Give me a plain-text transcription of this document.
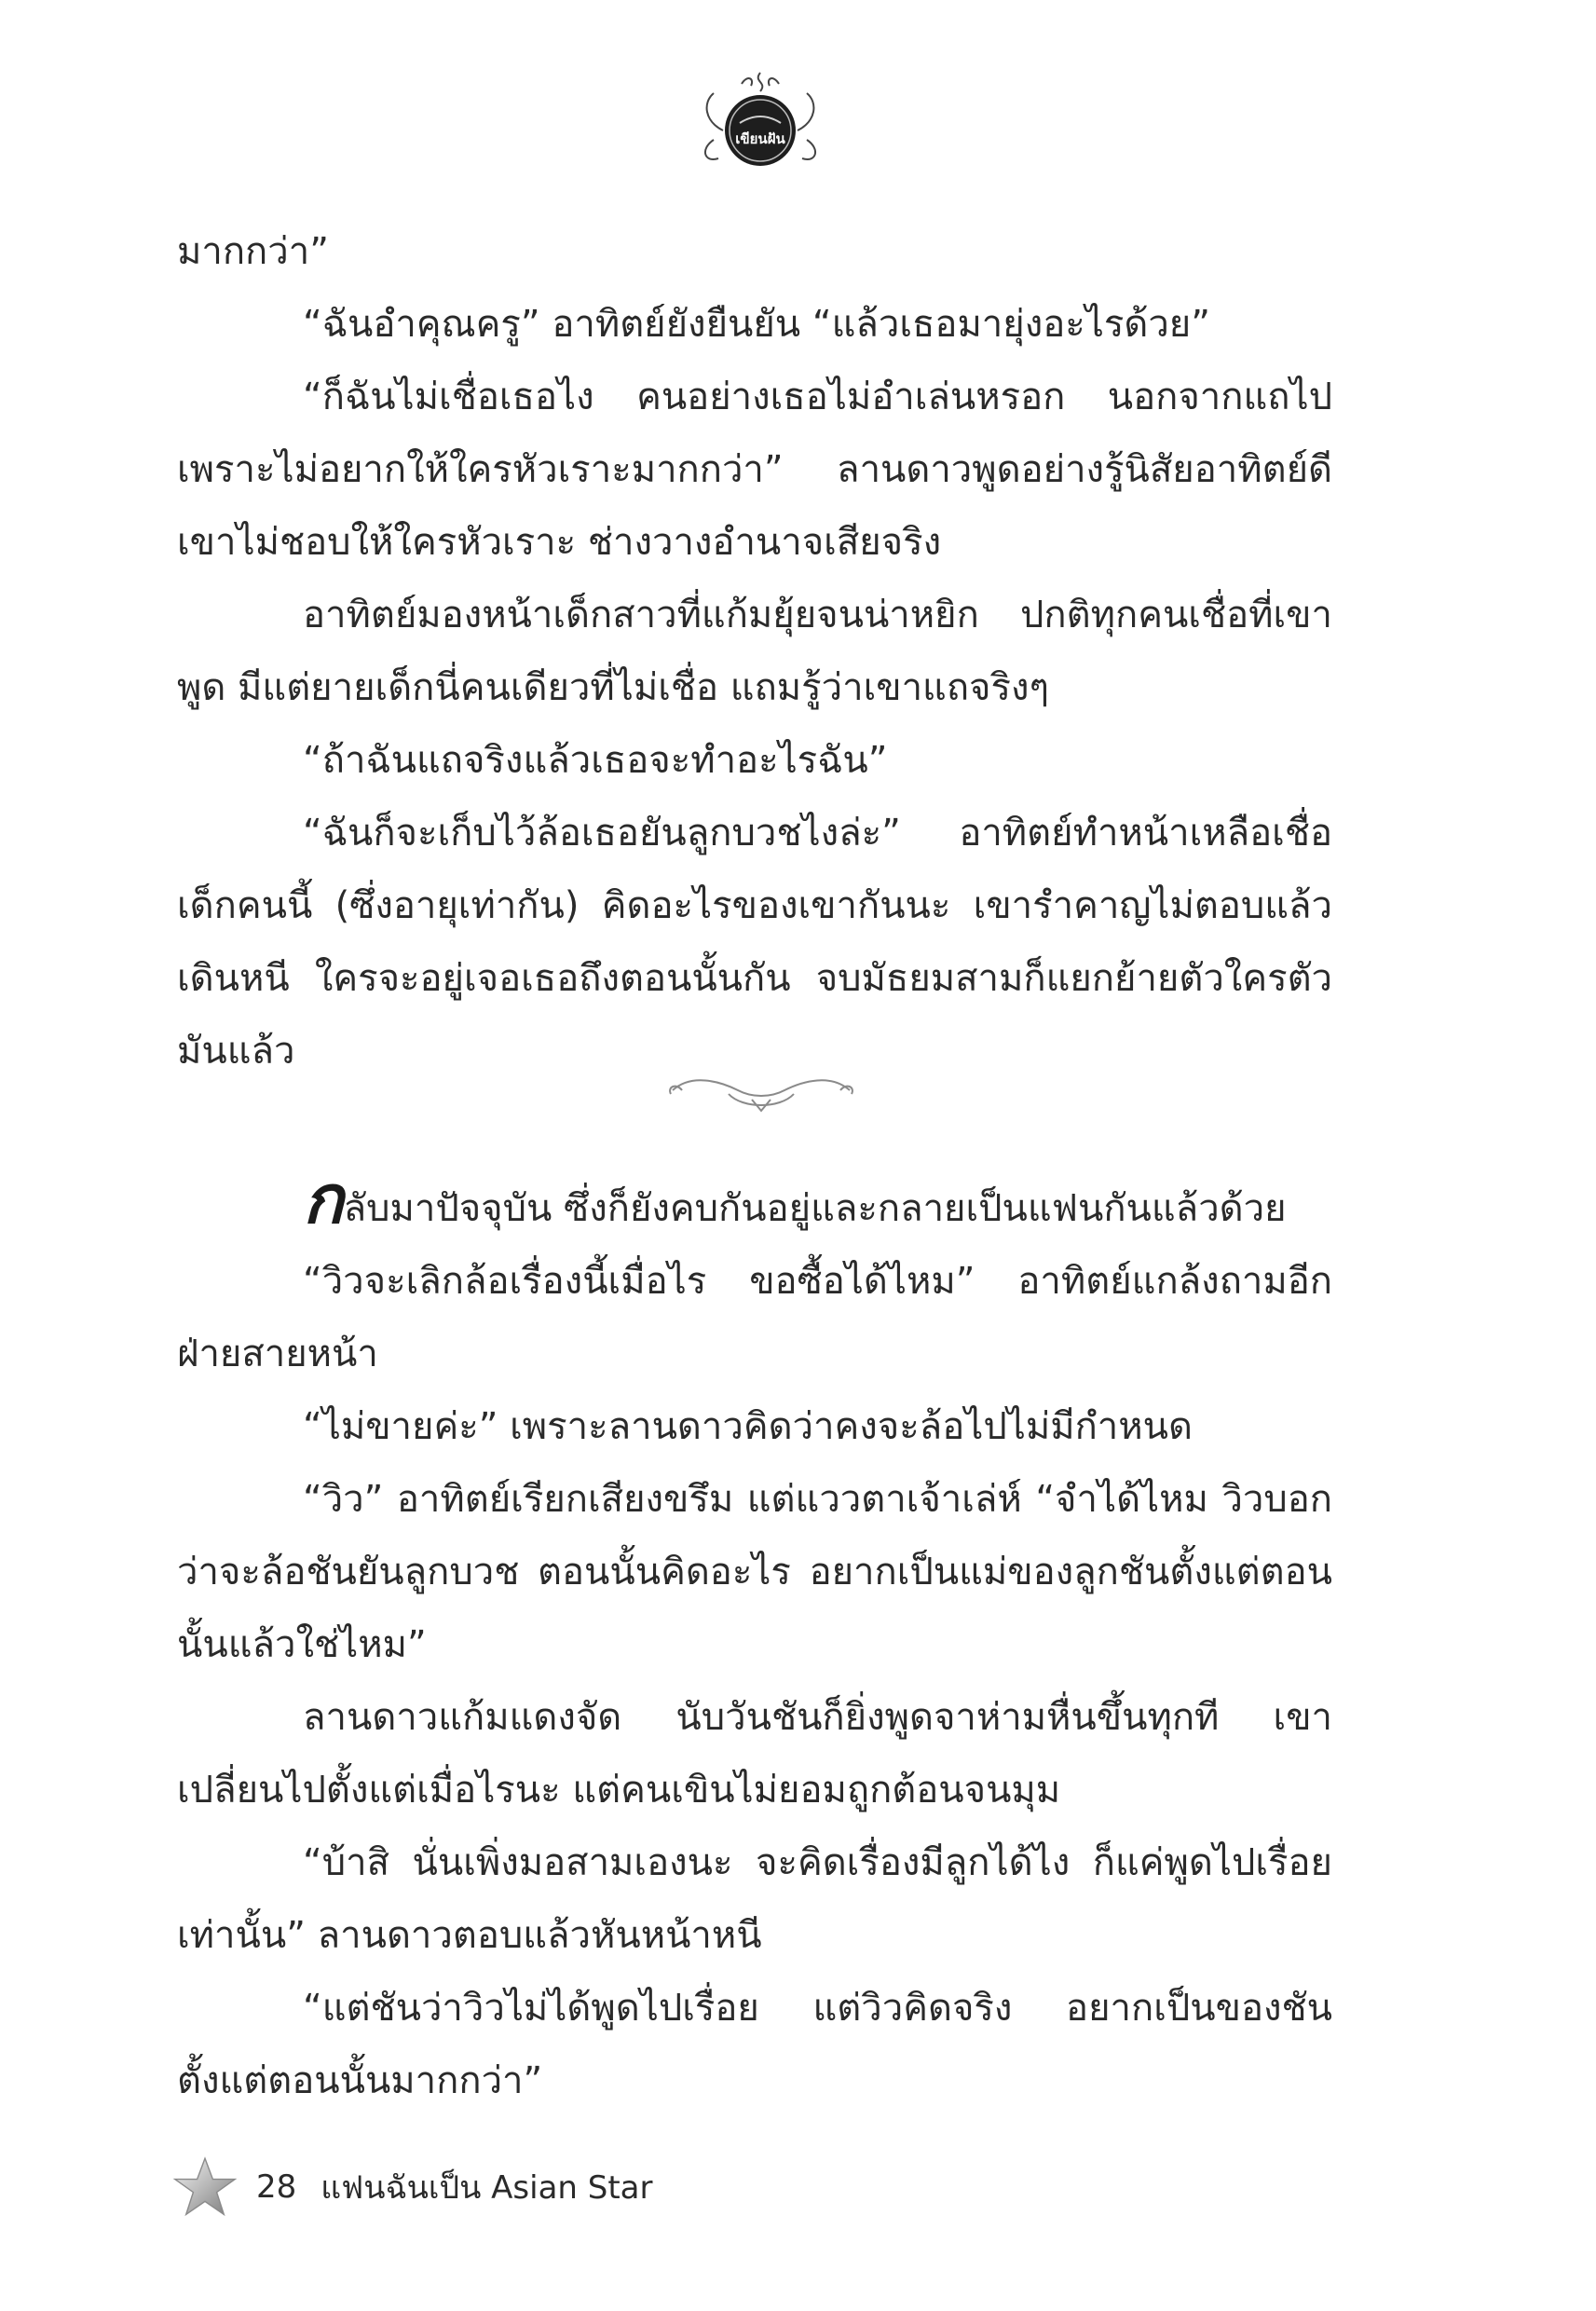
เขียนฝัน

มากกว่า”

“ฉันอำคุณครู” อาทิตย์ยังยืนยัน “แล้วเธอมายุ่งอะไรด้วย”

“ก็ฉันไม่เชื่อเธอไง คนอย่างเธอไม่อำเล่นหรอก นอกจากแถไปเพราะไม่อยากให้ใครหัวเราะมากกว่า” ลานดาวพูดอย่างรู้นิสัยอาทิตย์ดี เขาไม่ชอบให้ใครหัวเราะ ช่างวางอำนาจเสียจริง

อาทิตย์มองหน้าเด็กสาวที่แก้มยุ้ยจนน่าหยิก ปกติทุกคนเชื่อที่เขาพูด มีแต่ยายเด็กนี่คนเดียวที่ไม่เชื่อ แถมรู้ว่าเขาแถจริงๆ

“ถ้าฉันแถจริงแล้วเธอจะทำอะไรฉัน”

“ฉันก็จะเก็บไว้ล้อเธอยันลูกบวชไงล่ะ” อาทิตย์ทำหน้าเหลือเชื่อเด็กคนนี้ (ซึ่งอายุเท่ากัน) คิดอะไรของเขากันนะ เขารำคาญไม่ตอบแล้วเดินหนี ใครจะอยู่เจอเธอถึงตอนนั้นกัน จบมัธยมสามก็แยกย้ายตัวใครตัวมันแล้ว

กลับมาปัจจุบัน ซึ่งก็ยังคบกันอยู่และกลายเป็นแฟนกันแล้วด้วย

“วิวจะเลิกล้อเรื่องนี้เมื่อไร ขอซื้อได้ไหม” อาทิตย์แกล้งถามอีกฝ่ายสายหน้า

“ไม่ขายค่ะ” เพราะลานดาวคิดว่าคงจะล้อไปไม่มีกำหนด

“วิว” อาทิตย์เรียกเสียงขรึม แต่แววตาเจ้าเล่ห์ “จำได้ไหม วิวบอกว่าจะล้อชันยันลูกบวช ตอนนั้นคิดอะไร อยากเป็นแม่ของลูกชันตั้งแต่ตอนนั้นแล้วใช่ไหม”

ลานดาวแก้มแดงจัด นับวันชันก็ยิ่งพูดจาห่ามหื่นขึ้นทุกที เขาเปลี่ยนไปตั้งแต่เมื่อไรนะ แต่คนเขินไม่ยอมถูกต้อนจนมุม

“บ้าสิ นั่นเพิ่งมอสามเองนะ จะคิดเรื่องมีลูกได้ไง ก็แค่พูดไปเรื่อยเท่านั้น” ลานดาวตอบแล้วหันหน้าหนี

“แต่ชันว่าวิวไม่ได้พูดไปเรื่อย แต่วิวคิดจริง อยากเป็นของชันตั้งแต่ตอนนั้นมากกว่า”

28 แฟนฉันเป็น Asian Star
